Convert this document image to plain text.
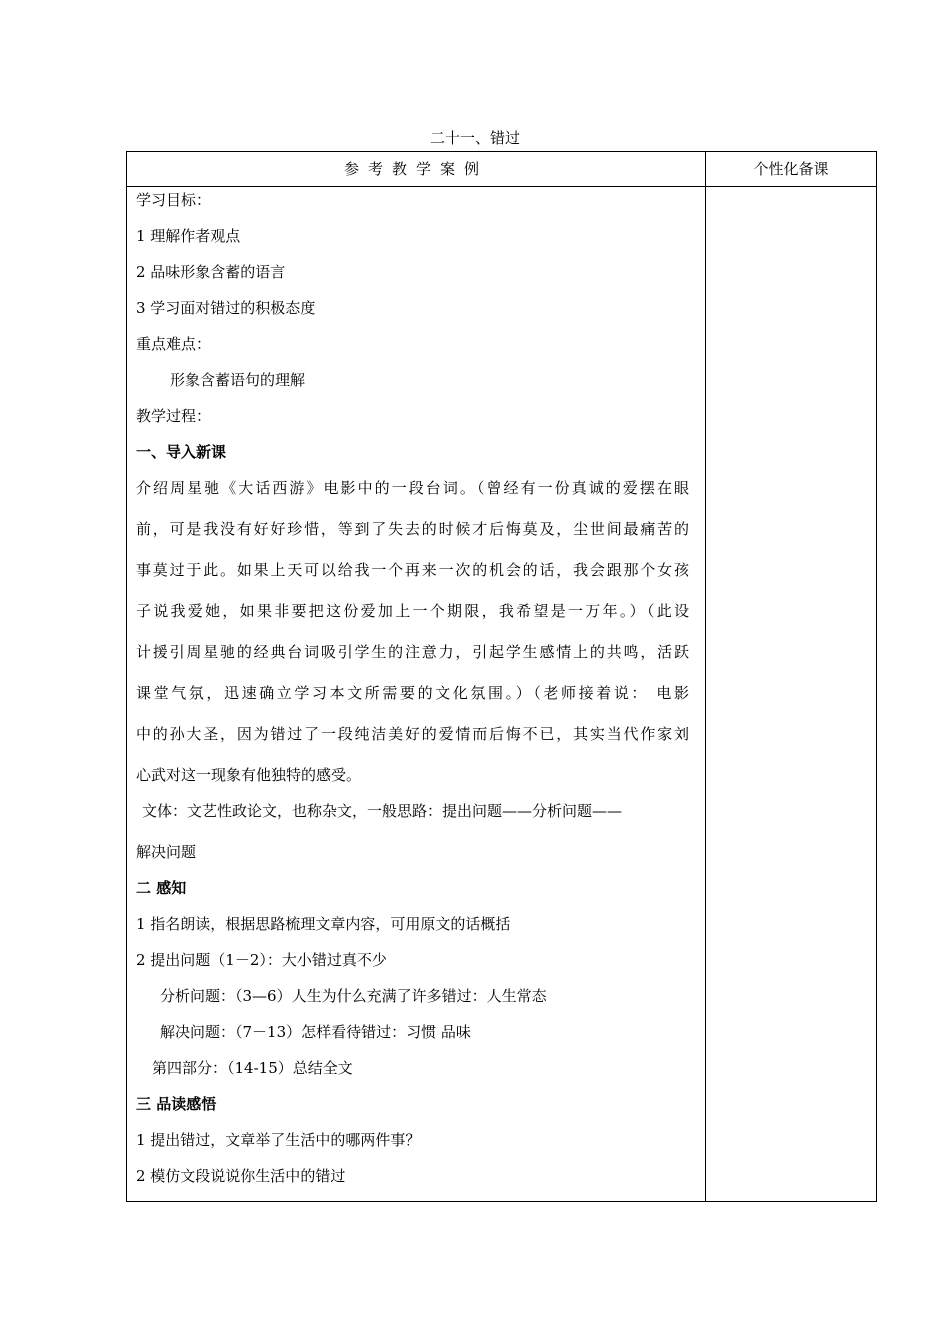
二十一、错过
参考教学案例	个性化备课
学习目标：
1 理解作者观点
2 品味形象含蓄的语言
3 学习面对错过的积极态度
重点难点：
形象含蓄语句的理解
教学过程：
一、导入新课
介绍周星驰《大话西游》电影中的一段台词。（曾经有一份真诚的爱摆在眼
前，可是我没有好好珍惜，等到了失去的时候才后悔莫及，尘世间最痛苦的
事莫过于此。如果上天可以给我一个再来一次的机会的话，我会跟那个女孩
子说我爱她，如果非要把这份爱加上一个期限，我希望是一万年。）（此设
计援引周星驰的经典台词吸引学生的注意力，引起学生感情上的共鸣，活跃
课堂气氛，迅速确立学习本文所需要的文化氛围。）（老师接着说： 电影
中的孙大圣，因为错过了一段纯洁美好的爱情而后悔不已，其实当代作家刘
心武对这一现象有他独特的感受。
文体：文艺性政论文，也称杂文，一般思路：提出问题——分析问题——
解决问题
二 感知
1 指名朗读，根据思路梳理文章内容，可用原文的话概括
2 提出问题（1－2）：大小错过真不少
分析问题：（3—6）人生为什么充满了许多错过：人生常态
解决问题：（7－13）怎样看待错过：习惯 品味
第四部分：（14-15）总结全文
三 品读感悟
1 提出错过，文章举了生活中的哪两件事？
2 模仿文段说说你生活中的错过
